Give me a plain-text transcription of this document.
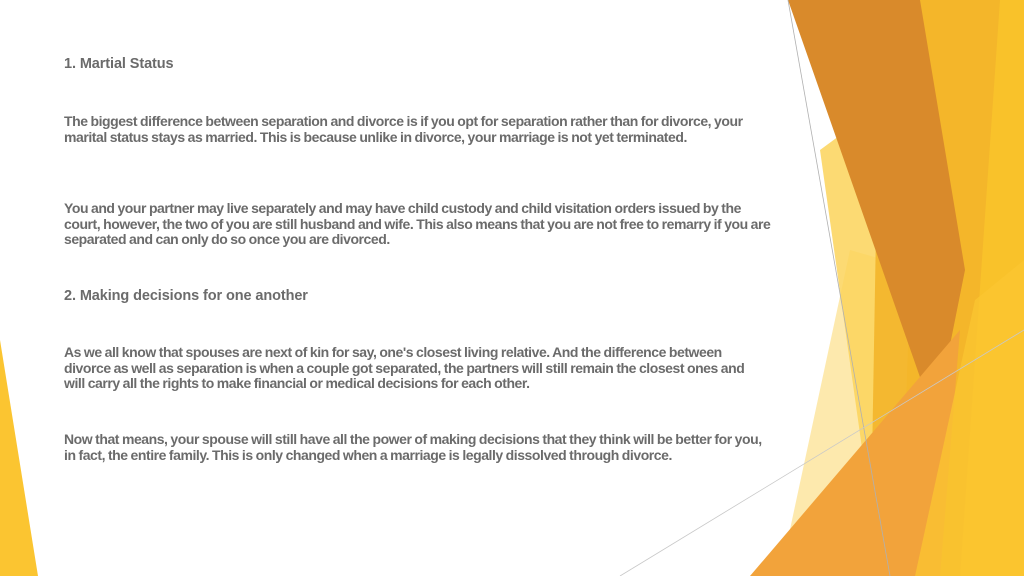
1. Martial Status

The biggest difference between separation and divorce is if you opt for separation rather than for divorce, your marital status stays as married. This is because unlike in divorce, your marriage is not yet terminated.

You and your partner may live separately and may have child custody and child visitation orders issued by the court, however, the two of you are still husband and wife. This also means that you are not free to remarry if you are separated and can only do so once you are divorced.

2. Making decisions for one another

As we all know that spouses are next of kin for say, one's closest living relative. And the difference between divorce as well as separation is when a couple got separated, the partners will still remain the closest ones and will carry all the rights to make financial or medical decisions for each other.

Now that means, your spouse will still have all the power of making decisions that they think will be better for you, in fact, the entire family. This is only changed when a marriage is legally dissolved through divorce.
